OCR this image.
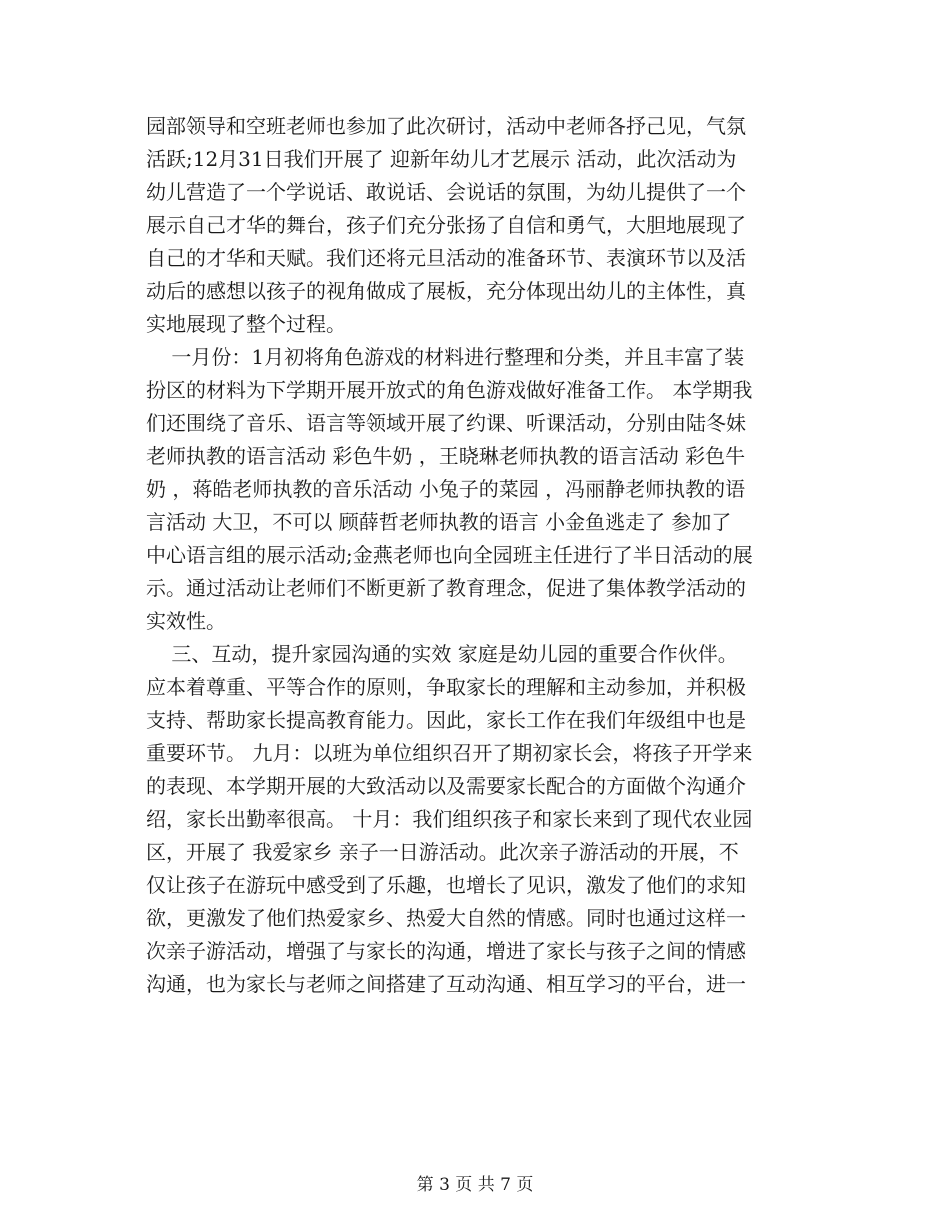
园部领导和空班老师也参加了此次研讨，活动中老师各抒己见，气氛
活跃;12月31日我们开展了 迎新年幼儿才艺展示 活动，此次活动为
幼儿营造了一个学说话、敢说话、会说话的氛围，为幼儿提供了一个
展示自己才华的舞台，孩子们充分张扬了自信和勇气，大胆地展现了
自己的才华和天赋。我们还将元旦活动的准备环节、表演环节以及活
动后的感想以孩子的视角做成了展板，充分体现出幼儿的主体性，真
实地展现了整个过程。
一月份：1月初将角色游戏的材料进行整理和分类，并且丰富了装
扮区的材料为下学期开展开放式的角色游戏做好准备工作。 本学期我
们还围绕了音乐、语言等领域开展了约课、听课活动，分别由陆冬妹
老师执教的语言活动 彩色牛奶 ，王晓琳老师执教的语言活动 彩色牛
奶 ，蒋皓老师执教的音乐活动 小兔子的菜园 ，冯丽静老师执教的语
言活动 大卫，不可以 顾薛哲老师执教的语言 小金鱼逃走了 参加了
中心语言组的展示活动;金燕老师也向全园班主任进行了半日活动的展
示。通过活动让老师们不断更新了教育理念，促进了集体教学活动的
实效性。
三、互动，提升家园沟通的实效 家庭是幼儿园的重要合作伙伴。
应本着尊重、平等合作的原则，争取家长的理解和主动参加，并积极
支持、帮助家长提高教育能力。因此，家长工作在我们年级组中也是
重要环节。 九月：以班为单位组织召开了期初家长会，将孩子开学来
的表现、本学期开展的大致活动以及需要家长配合的方面做个沟通介
绍，家长出勤率很高。 十月：我们组织孩子和家长来到了现代农业园
区，开展了 我爱家乡 亲子一日游活动。此次亲子游活动的开展，不
仅让孩子在游玩中感受到了乐趣，也增长了见识，激发了他们的求知
欲，更激发了他们热爱家乡、热爱大自然的情感。同时也通过这样一
次亲子游活动，增强了与家长的沟通，增进了家长与孩子之间的情感
沟通，也为家长与老师之间搭建了互动沟通、相互学习的平台，进一
第 3 页 共 7 页
